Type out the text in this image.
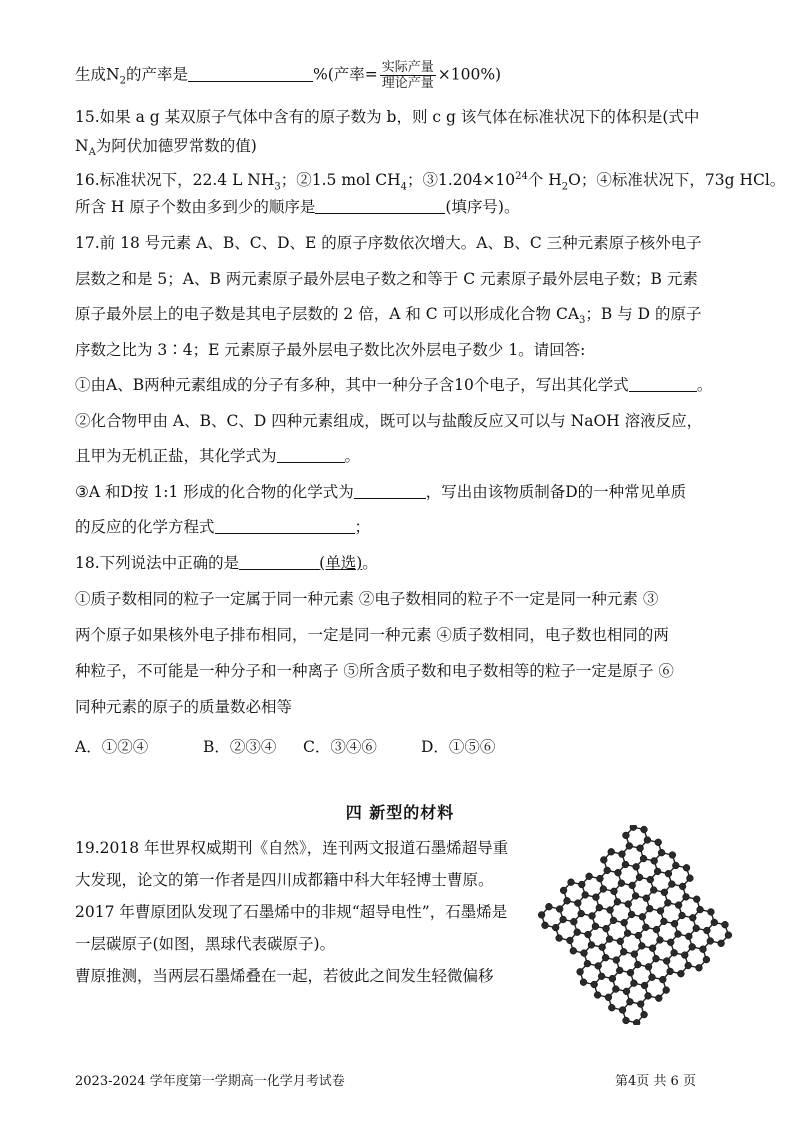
生成$N_2$的产率是	%(产率= $\frac{\text{实际产量}}{\text{理论产量}} \times 100\%$)
15.如果 a g 某双原子气体中含有的原子数为 b，则 c g 该气体在标准状况下的体积是(式中
$N_A$为阿伏加德罗常数的值)
16.标准状况下，22.4 L $NH_3$；②1.5 mol $CH_4$；$③1.204\times 10^{24}$个 $H_2O$；④标准状况下，73g HCl。
所含 H 原子个数由多到少的顺序是	(填序号)。
17.前 18 号元素 A、B、C、D、E 的原子序数依次增大。A、B、C 三种元素原子核外电子
层数之和是 5；A、B 两元素原子最外层电子数之和等于 C 元素原子最外层电子数；B 元素
原子最外层上的电子数是其电子层数的 2 倍，A 和 C 可以形成化合物 $CA_3$；B 与 D 的原子
序数之比为 3∶4；E 元素原子最外层电子数比次外层电子数少 1。请回答:
①由A、B两种元素组成的分子有多种，其中一种分子含10个电子，写出其化学式	。
②化合物甲由 A、B、C、D 四种元素组成，既可以与盐酸反应又可以与 NaOH 溶液反应，
且甲为无机正盐，其化学式为	。
③A 和D按 1:1 形成的化合物的化学式为	，写出由该物质制备D的一种常见单质
的反应的化学方程式	；
18.下列说法中正确的是	(单选)。
①质子数相同的粒子一定属于同一种元素 ②电子数相同的粒子不一定是同一种元素 ③
两个原子如果核外电子排布相同，一定是同一种元素 ④质子数相同，电子数也相同的两
种粒子，不可能是一种分子和一种离子 ⑤所含质子数和电子数相等的粒子一定是原子 ⑥
同种元素的原子的质量数必相等
A．①②④	B．②③④ C．③④⑥	D．①⑤⑥
四 新型的材料
19.2018 年世界权威期刊《自然》，连刊两文报道石墨烯超导重
大发现，论文的第一作者是四川成都籍中科大年轻博士曹原。
2017 年曹原团队发现了石墨烯中的非规“超导电性”，石墨烯是
一层碳原子(如图，黑球代表碳原子)。
曹原推测，当两层石墨烯叠在一起，若彼此之间发生轻微偏移
2023-2024 学年度第一学期高一化学月考试卷	第4页 共 6 页
